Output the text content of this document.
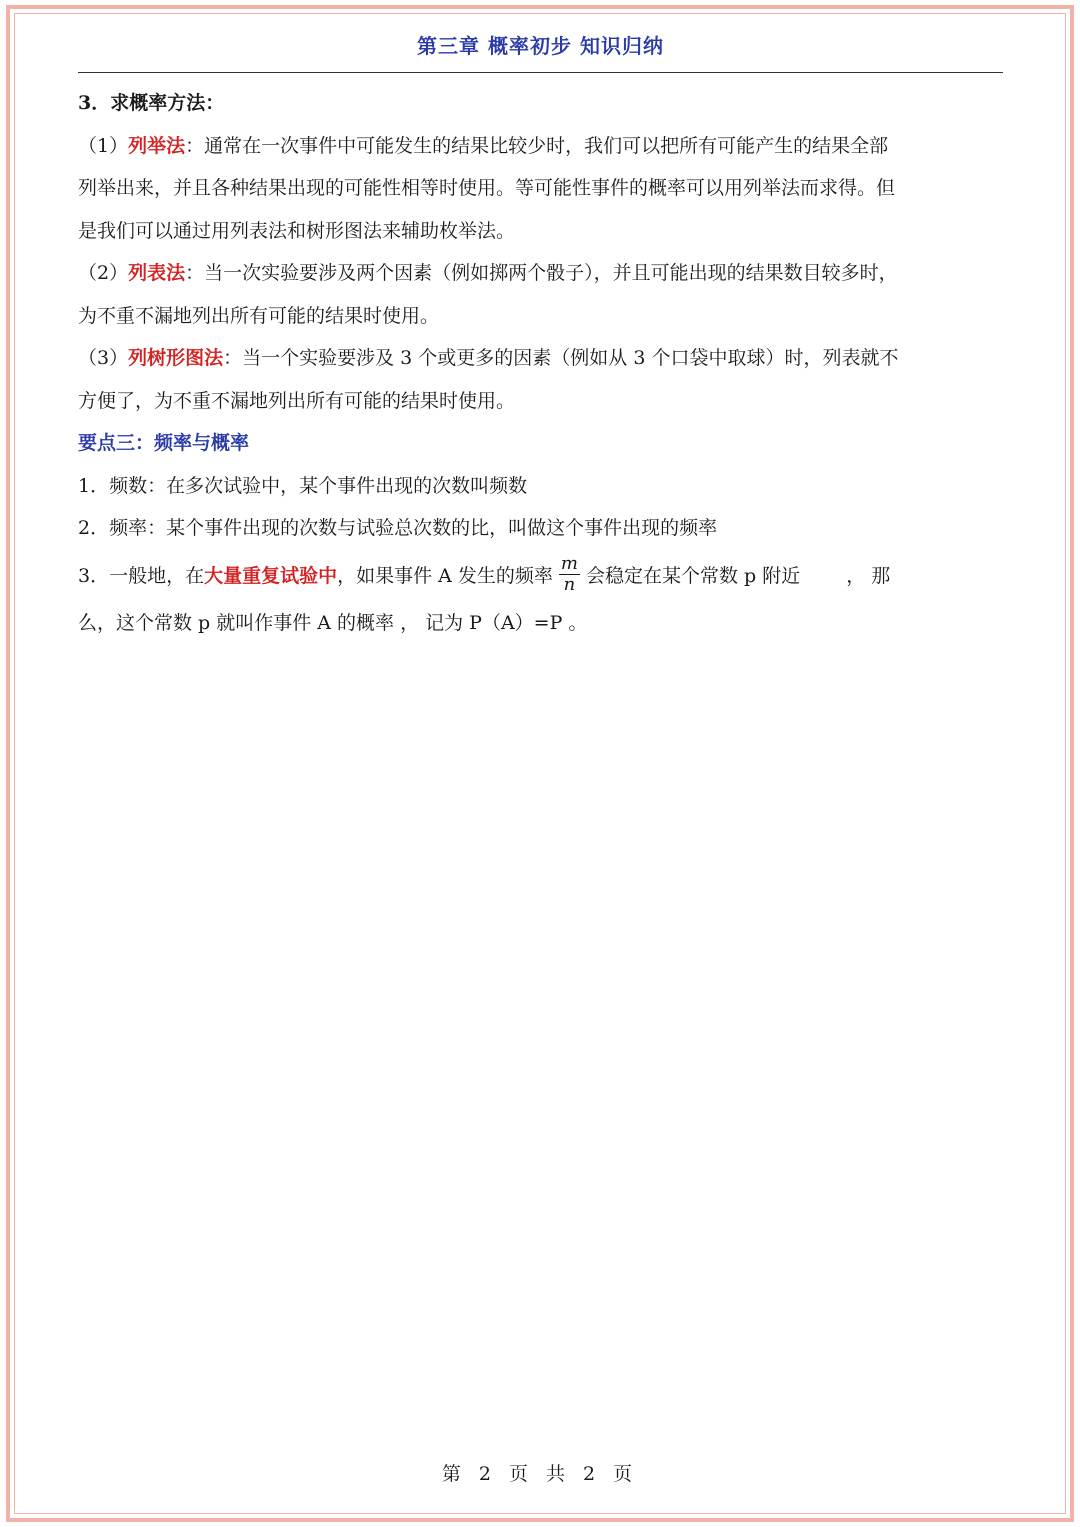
第三章 概率初步 知识归纳
3．求概率方法：
（1）列举法：通常在一次事件中可能发生的结果比较少时，我们可以把所有可能产生的结果全部
列举出来，并且各种结果出现的可能性相等时使用。等可能性事件的概率可以用列举法而求得。但
是我们可以通过用列表法和树形图法来辅助枚举法。
（2）列表法：当一次实验要涉及两个因素（例如掷两个骰子），并且可能出现的结果数目较多时，
为不重不漏地列出所有可能的结果时使用。
（3）列树形图法：当一个实验要涉及 3 个或更多的因素（例如从 3 个口袋中取球）时，列表就不
方便了，为不重不漏地列出所有可能的结果时使用。
要点三：频率与概率
1．频数：在多次试验中，某个事件出现的次数叫频数
2．频率：某个事件出现的次数与试验总次数的比，叫做这个事件出现的频率
3．一般地，在大量重复试验中，如果事件 A 发生的频率 $\frac{m}{n}$ 会稳定在某个常数 p 附近 ， 那
么，这个常数 p 就叫作事件 A 的概率 ， 记为 P（A）=P 。
第 2 页 共 2 页
